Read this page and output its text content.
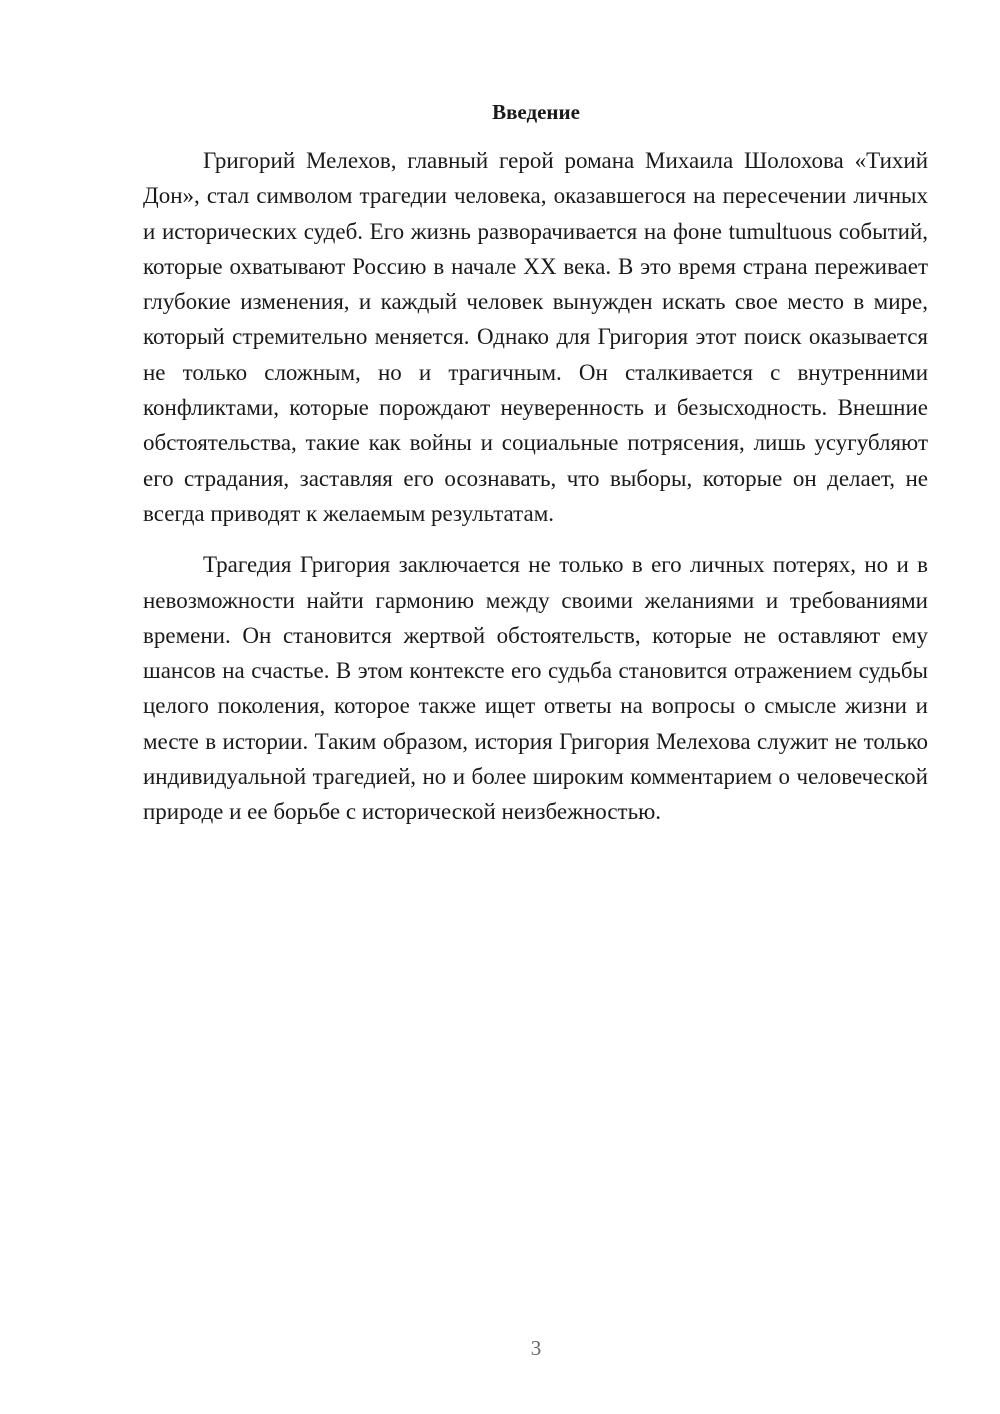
Введение

Григорий Мелехов, главный герой романа Михаила Шолохова «Тихий Дон», стал символом трагедии человека, оказавшегося на пересечении личных и исторических судеб. Его жизнь разворачивается на фоне tumultuous событий, которые охватывают Россию в начале XX века. В это время страна переживает глубокие изменения, и каждый человек вынужден искать свое место в мире, который стремительно меняется. Однако для Григория этот поиск оказывается не только сложным, но и трагичным. Он сталкивается с внутренними конфликтами, которые порождают неуверенность и безысходность. Внешние обстоятельства, такие как войны и социальные потрясения, лишь усугубляют его страдания, заставляя его осознавать, что выборы, которые он делает, не всегда приводят к желаемым результатам.

Трагедия Григория заключается не только в его личных потерях, но и в невозможности найти гармонию между своими желаниями и требованиями времени. Он становится жертвой обстоятельств, которые не оставляют ему шансов на счастье. В этом контексте его судьба становится отражением судьбы целого поколения, которое также ищет ответы на вопросы о смысле жизни и месте в истории. Таким образом, история Григория Мелехова служит не только индивидуальной трагедией, но и более широким комментарием о человеческой природе и ее борьбе с исторической неизбежностью.

3
